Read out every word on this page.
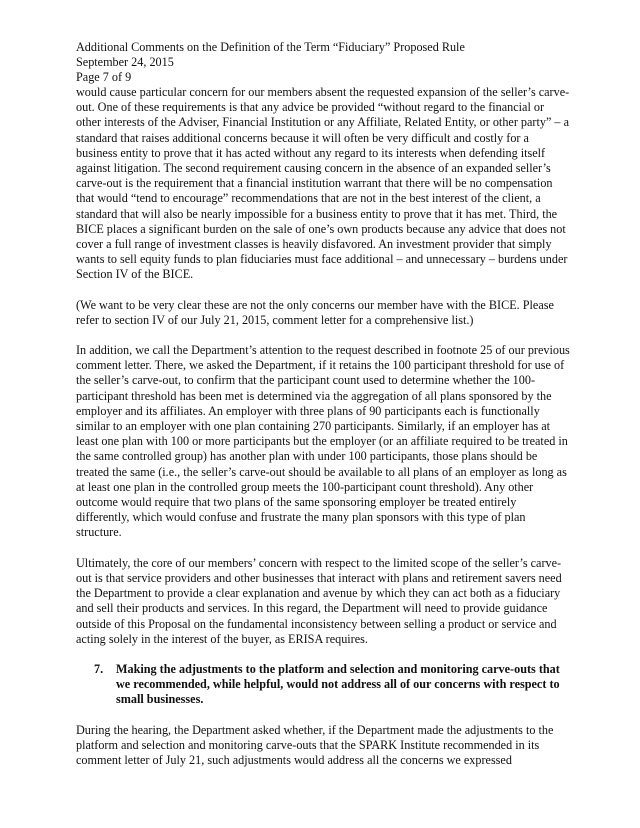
Additional Comments on the Definition of the Term “Fiduciary” Proposed Rule
September 24, 2015
Page 7 of 9

would cause particular concern for our members absent the requested expansion of the seller’s carve-out. One of these requirements is that any advice be provided “without regard to the financial or other interests of the Adviser, Financial Institution or any Affiliate, Related Entity, or other party” – a standard that raises additional concerns because it will often be very difficult and costly for a business entity to prove that it has acted without any regard to its interests when defending itself against litigation. The second requirement causing concern in the absence of an expanded seller’s carve-out is the requirement that a financial institution warrant that there will be no compensation that would “tend to encourage” recommendations that are not in the best interest of the client, a standard that will also be nearly impossible for a business entity to prove that it has met. Third, the BICE places a significant burden on the sale of one’s own products because any advice that does not cover a full range of investment classes is heavily disfavored. An investment provider that simply wants to sell equity funds to plan fiduciaries must face additional – and unnecessary – burdens under Section IV of the BICE.

(We want to be very clear these are not the only concerns our member have with the BICE. Please refer to section IV of our July 21, 2015, comment letter for a comprehensive list.)

In addition, we call the Department’s attention to the request described in footnote 25 of our previous comment letter. There, we asked the Department, if it retains the 100 participant threshold for use of the seller’s carve-out, to confirm that the participant count used to determine whether the 100-participant threshold has been met is determined via the aggregation of all plans sponsored by the employer and its affiliates. An employer with three plans of 90 participants each is functionally similar to an employer with one plan containing 270 participants. Similarly, if an employer has at least one plan with 100 or more participants but the employer (or an affiliate required to be treated in the same controlled group) has another plan with under 100 participants, those plans should be treated the same (i.e., the seller’s carve-out should be available to all plans of an employer as long as at least one plan in the controlled group meets the 100-participant count threshold). Any other outcome would require that two plans of the same sponsoring employer be treated entirely differently, which would confuse and frustrate the many plan sponsors with this type of plan structure.

Ultimately, the core of our members’ concern with respect to the limited scope of the seller’s carve-out is that service providers and other businesses that interact with plans and retirement savers need the Department to provide a clear explanation and avenue by which they can act both as a fiduciary and sell their products and services. In this regard, the Department will need to provide guidance outside of this Proposal on the fundamental inconsistency between selling a product or service and acting solely in the interest of the buyer, as ERISA requires.

7.	Making the adjustments to the platform and selection and monitoring carve-outs that we recommended, while helpful, would not address all of our concerns with respect to small businesses.

During the hearing, the Department asked whether, if the Department made the adjustments to the platform and selection and monitoring carve-outs that the SPARK Institute recommended in its comment letter of July 21, such adjustments would address all the concerns we expressed
